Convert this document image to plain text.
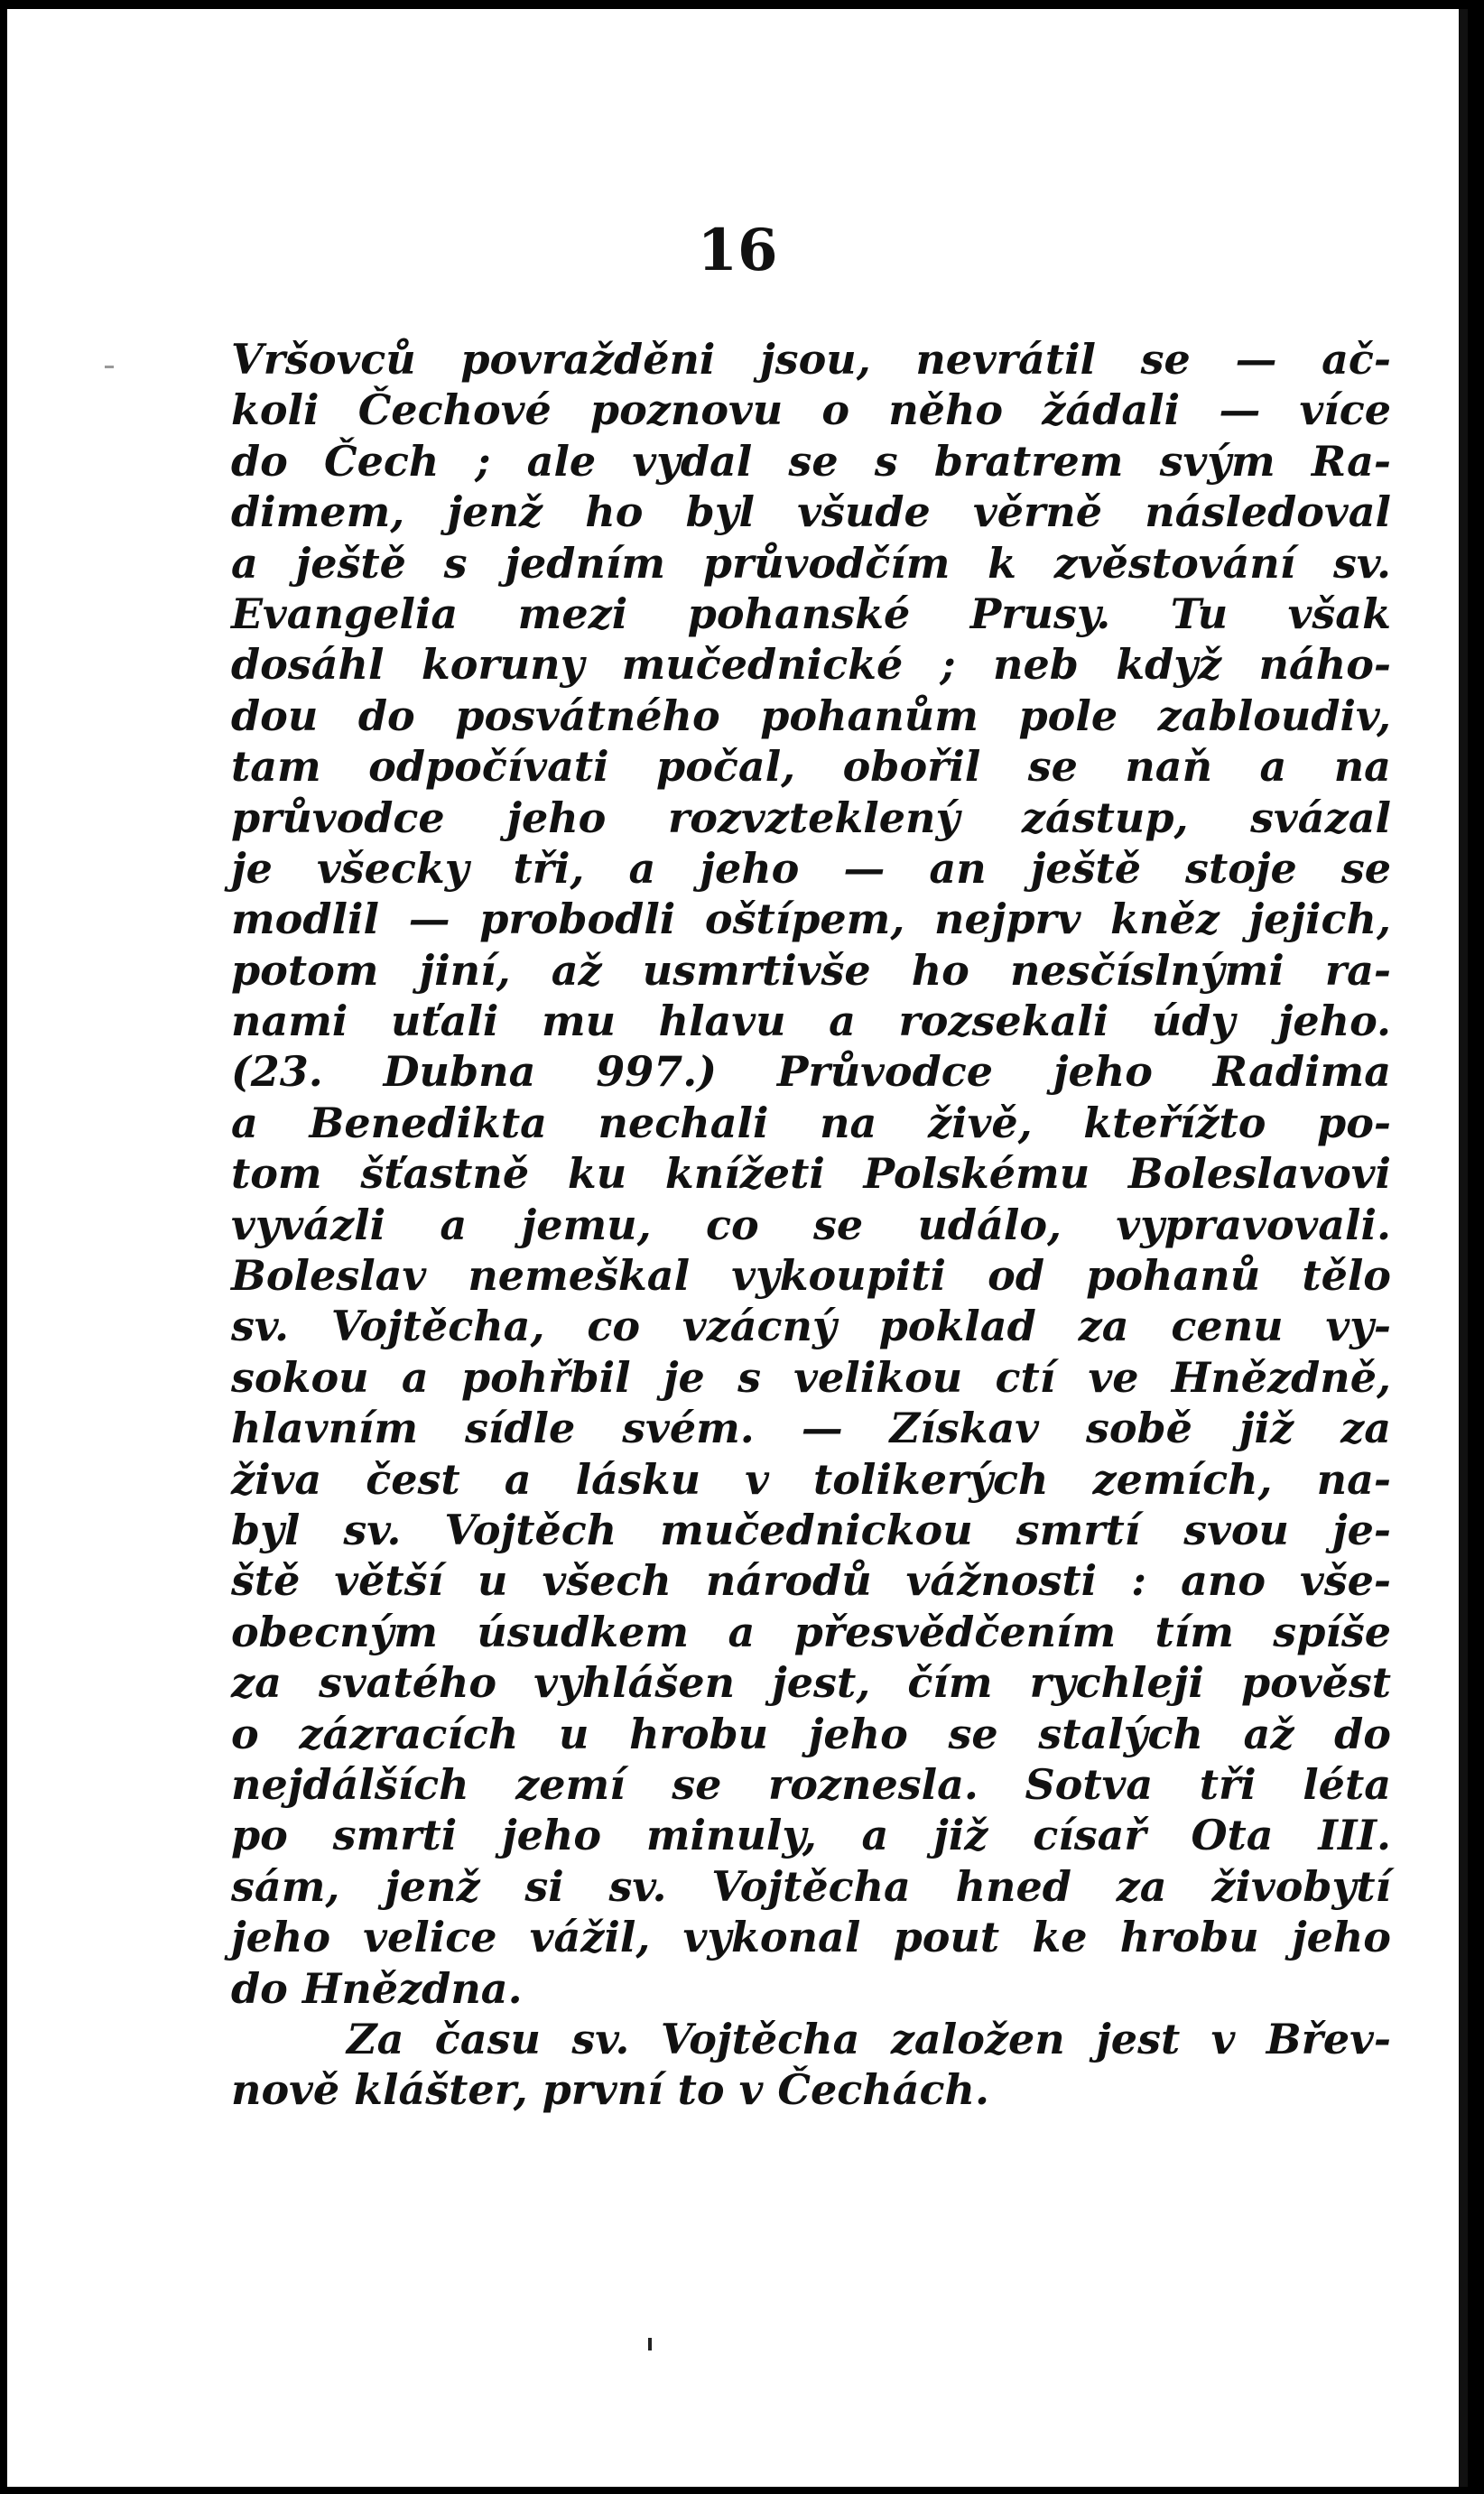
16
Vršovců povražděni jsou, nevrátil se — ač-
koli Čechové poznovu o něho žádali — více
do Čech ; ale vydal se s bratrem svým Ra-
dimem, jenž ho byl všude věrně následoval
a ještě s jedním průvodčím k zvěstování sv.
Evangelia mezi pohanské Prusy. Tu však
dosáhl koruny mučednické ; neb když náho-
dou do posvátného pohanům pole zabloudiv,
tam odpočívati počal, obořil se naň a na
průvodce jeho rozvzteklený zástup, svázal
je všecky tři, a jeho — an ještě stoje se
modlil — probodli oštípem, nejprv kněz jejich,
potom jiní, až usmrtivše ho nesčíslnými ra-
nami uťali mu hlavu a rozsekali údy jeho.
(23. Dubna 997.) Průvodce jeho Radima
a Benedikta nechali na živě, kteřížto po-
tom šťastně ku knížeti Polskému Boleslavovi
vyvázli a jemu, co se událo, vypravovali.
Boleslav nemeškal vykoupiti od pohanů tělo
sv. Vojtěcha, co vzácný poklad za cenu vy-
sokou a pohřbil je s velikou ctí ve Hnězdně,
hlavním sídle svém. — Získav sobě již za
živa čest a lásku v tolikerých zemích, na-
byl sv. Vojtěch mučednickou smrtí svou je-
ště větší u všech národů vážnosti : ano vše-
obecným úsudkem a přesvědčením tím spíše
za svatého vyhlášen jest, čím rychleji pověst
o zázracích u hrobu jeho se stalých až do
nejdálších zemí se roznesla. Sotva tři léta
po smrti jeho minuly, a již císař Ota III.
sám, jenž si sv. Vojtěcha hned za živobytí
jeho velice vážil, vykonal pout ke hrobu jeho
do Hnězdna.
Za času sv. Vojtěcha založen jest v Břev-
nově klášter, první to v Čechách.
